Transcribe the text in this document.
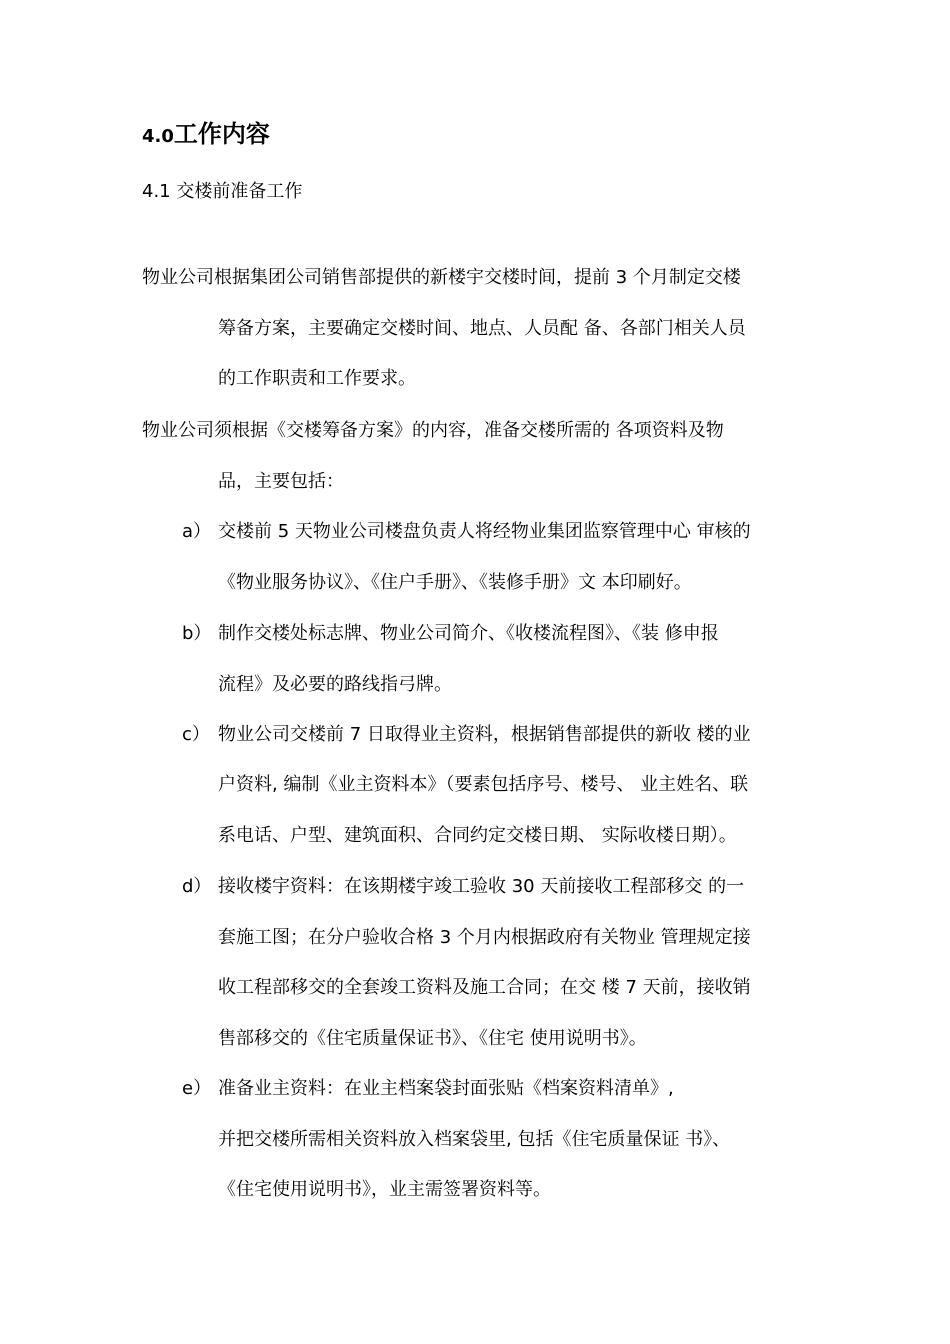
4.0工作内容
4.1 交楼前准备工作
物业公司根据集团公司销售部提供的新楼宇交楼时间，提前 3 个月制定交楼
筹备方案，主要确定交楼时间、地点、人员配 备、各部门相关人员
的工作职责和工作要求。
物业公司须根据《交楼筹备方案》的内容，准备交楼所需的 各项资料及物
品，主要包括：
a） 交楼前 5 天物业公司楼盘负责人将经物业集团监察管理中心 审核的
《物业服务协议》、《住户手册》、《装修手册》文 本印刷好。
b） 制作交楼处标志牌、物业公司简介、《收楼流程图》、《装 修申报
流程》及必要的路线指弓牌。
c） 物业公司交楼前 7 日取得业主资料，根据销售部提供的新收 楼的业
户资料, 编制《业主资料本》（要素包括序号、楼号、 业主姓名、联
系电话、户型、建筑面积、合同约定交楼日期、 实际收楼日期）。
d） 接收楼宇资料：在该期楼宇竣工验收 30 天前接收工程部移交 的一
套施工图；在分户验收合格 3 个月内根据政府有关物业 管理规定接
收工程部移交的全套竣工资料及施工合同；在交 楼 7 天前，接收销
售部移交的《住宅质量保证书》、《住宅 使用说明书》。
e） 准备业主资料：在业主档案袋封面张贴《档案资料清单》,
并把交楼所需相关资料放入档案袋里, 包括《住宅质量保证 书》、
《住宅使用说明书》，业主需签署资料等。
